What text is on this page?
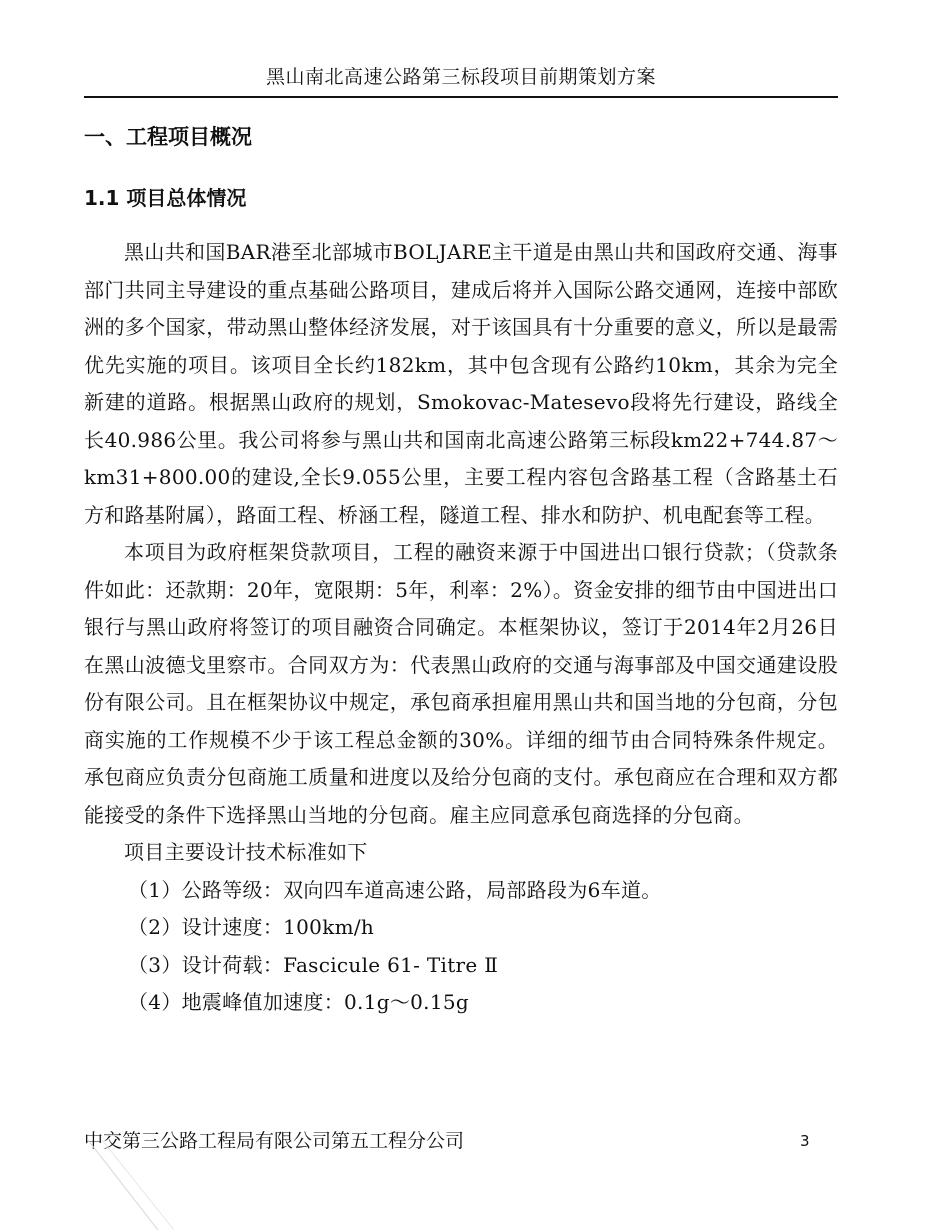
黑山南北高速公路第三标段项目前期策划方案
一、工程项目概况
1.1 项目总体情况

黑山共和国BAR港至北部城市BOLJARE主干道是由黑山共和国政府交通、海事部门共同主导建设的重点基础公路项目，建成后将并入国际公路交通网，连接中部欧洲的多个国家，带动黑山整体经济发展，对于该国具有十分重要的意义，所以是最需优先实施的项目。该项目全长约182km，其中包含现有公路约10km，其余为完全新建的道路。根据黑山政府的规划，Smokovac-Matesevo段将先行建设，路线全长40.986公里。我公司将参与黑山共和国南北高速公路第三标段km22+744.87～km31+800.00的建设,全长9.055公里，主要工程内容包含路基工程（含路基土石方和路基附属），路面工程、桥涵工程，隧道工程、排水和防护、机电配套等工程。

本项目为政府框架贷款项目，工程的融资来源于中国进出口银行贷款；（贷款条件如此：还款期：20年，宽限期：5年，利率：2%）。资金安排的细节由中国进出口银行与黑山政府将签订的项目融资合同确定。本框架协议，签订于2014年2月26日在黑山波德戈里察市。合同双方为：代表黑山政府的交通与海事部及中国交通建设股份有限公司。且在框架协议中规定，承包商承担雇用黑山共和国当地的分包商，分包商实施的工作规模不少于该工程总金额的30%。详细的细节由合同特殊条件规定。承包商应负责分包商施工质量和进度以及给分包商的支付。承包商应在合理和双方都能接受的条件下选择黑山当地的分包商。雇主应同意承包商选择的分包商。

项目主要设计技术标准如下

（1）公路等级：双向四车道高速公路，局部路段为6车道。
（2）设计速度：100km/h
（3）设计荷载：Fascicule 61- Titre Ⅱ
（4）地震峰值加速度：0.1g～0.15g
中交第三公路工程局有限公司第五工程分公司	3
